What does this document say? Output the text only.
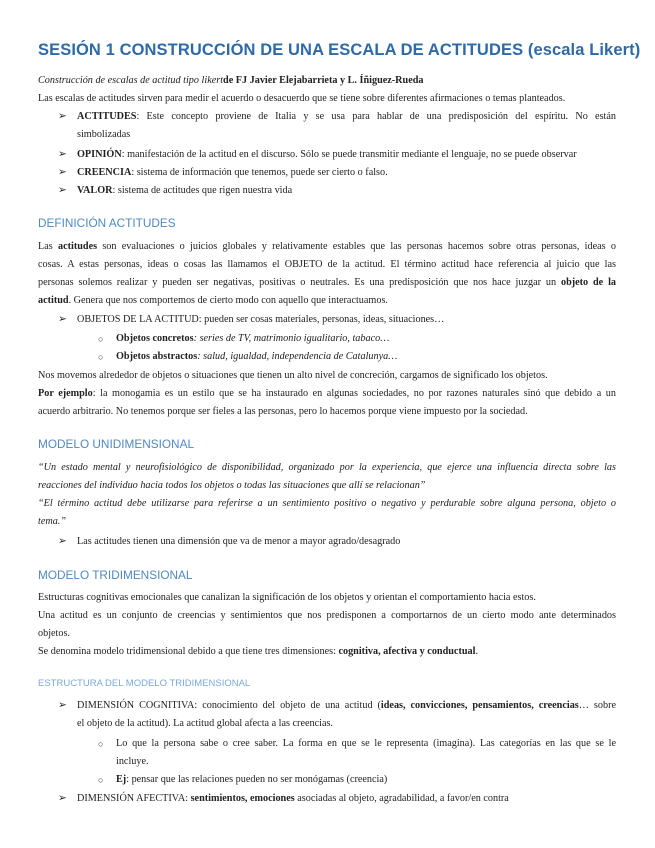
SESIÓN 1 CONSTRUCCIÓN DE UNA ESCALA DE ACTITUDES (escala Likert)
Construcción de escalas de actitud tipo likertde FJ Javier Elejabarrieta y L. Íñiguez-Rueda
Las escalas de actitudes sirven para medir el acuerdo o desacuerdo que se tiene sobre diferentes afirmaciones o temas planteados.
➢ ACTITUDES: Este concepto proviene de Italia y se usa para hablar de una predisposición del espíritu. No están
simbolizadas
➢ OPINIÓN: manifestación de la actitud en el discurso. Sólo se puede transmitir mediante el lenguaje, no se puede observar
➢ CREENCIA: sistema de información que tenemos, puede ser cierto o falso.
➢ VALOR: sistema de actitudes que rigen nuestra vida
DEFINICIÓN ACTITUDES
Las actitudes son evaluaciones o juicios globales y relativamente estables que las personas hacemos sobre otras personas, ideas o
cosas. A estas personas, ideas o cosas las llamamos el OBJETO de la actitud. El término actitud hace referencia al juicio que las
personas solemos realizar y pueden ser negativas, positivas o neutrales. Es una predisposición que nos hace juzgar un objeto de la
actitud. Genera que nos comportemos de cierto modo con aquello que interactuamos.
➢ OBJETOS DE LA ACTITUD: pueden ser cosas materiales, personas, ideas, situaciones…
○ Objetos concretos: series de TV, matrimonio igualitario, tabaco…
○ Objetos abstractos: salud, igualdad, independencia de Catalunya…
Nos movemos alrededor de objetos o situaciones que tienen un alto nivel de concreción, cargamos de significado los objetos.
Por ejemplo: la monogamia es un estilo que se ha instaurado en algunas sociedades, no por razones naturales sinó que debido a un
acuerdo arbitrario. No tenemos porque ser fieles a las personas, pero lo hacemos porque viene impuesto por la sociedad.
MODELO UNIDIMENSIONAL
“Un estado mental y neurofisiológico de disponibilidad, organizado por la experiencia, que ejerce una influencia directa sobre las
reacciones del individuo hacia todos los objetos o todas las situaciones que allí se relacionan”
“El término actitud debe utilizarse para referirse a un sentimiento positivo o negativo y perdurable sobre alguna persona, objeto o
tema.”
➢ Las actitudes tienen una dimensión que va de menor a mayor agrado/desagrado
MODELO TRIDIMENSIONAL
Estructuras cognitivas emocionales que canalizan la significación de los objetos y orientan el comportamiento hacia estos.
Una actitud es un conjunto de creencias y sentimientos que nos predisponen a comportarnos de un cierto modo ante determinados
objetos.
Se denomina modelo tridimensional debido a que tiene tres dimensiones: cognitiva, afectiva y conductual.
ESTRUCTURA DEL MODELO TRIDIMENSIONAL
➢ DIMENSIÓN COGNITIVA: conocimiento del objeto de una actitud (ideas, convicciones, pensamientos, creencias… sobre
el objeto de la actitud). La actitud global afecta a las creencias.
○ Lo que la persona sabe o cree saber. La forma en que se le representa (imagina). Las categorías en las que se le
incluye.
○ Ej: pensar que las relaciones pueden no ser monógamas (creencia)
➢ DIMENSIÓN AFECTIVA: sentimientos, emociones asociadas al objeto, agradabilidad, a favor/en contra
